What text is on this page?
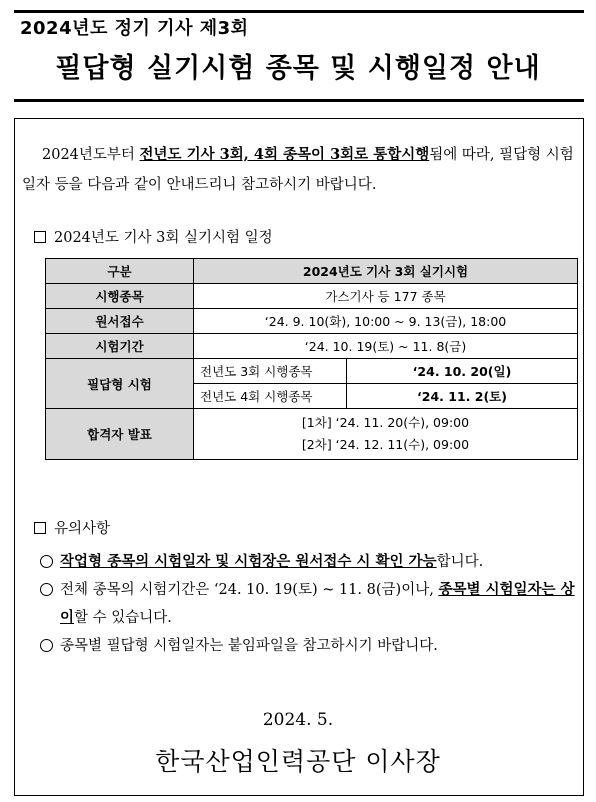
2024년도 정기 기사 제3회
필답형 실기시험 종목 및 시행일정 안내
2024년도부터 전년도 기사 3회, 4회 종목이 3회로 통합시행됨에 따라, 필답형 시험일자 등을 다음과 같이 안내드리니 참고하시기 바랍니다.
2024년도 기사 3회 실기시험 일정
구분	2024년도 기사 3회 실기시험	
시행종목	가스기사 등 177 종목	
원서접수	‘24. 9. 10(화), 10:00 ~ 9. 13(금), 18:00	
시험기간	‘24. 10. 19(토) ~ 11. 8(금)	
필답형 시험	전년도 3회 시행종목	‘24. 10. 20(일)
	전년도 4회 시행종목	‘24. 11. 2(토)
합격자 발표	[1차] ‘24. 11. 20(수), 09:00
[2차] ‘24. 12. 11(수), 09:00	
유의사항
작업형 종목의 시험일자 및 시험장은 원서접수 시 확인 가능합니다.
전체 종목의 시험기간은 ‘24. 10. 19(토) ~ 11. 8(금)이나, 종목별 시험일자는 상이할 수 있습니다.
종목별 필답형 시험일자는 붙임파일을 참고하시기 바랍니다.
2024. 5.
한국산업인력공단 이사장
